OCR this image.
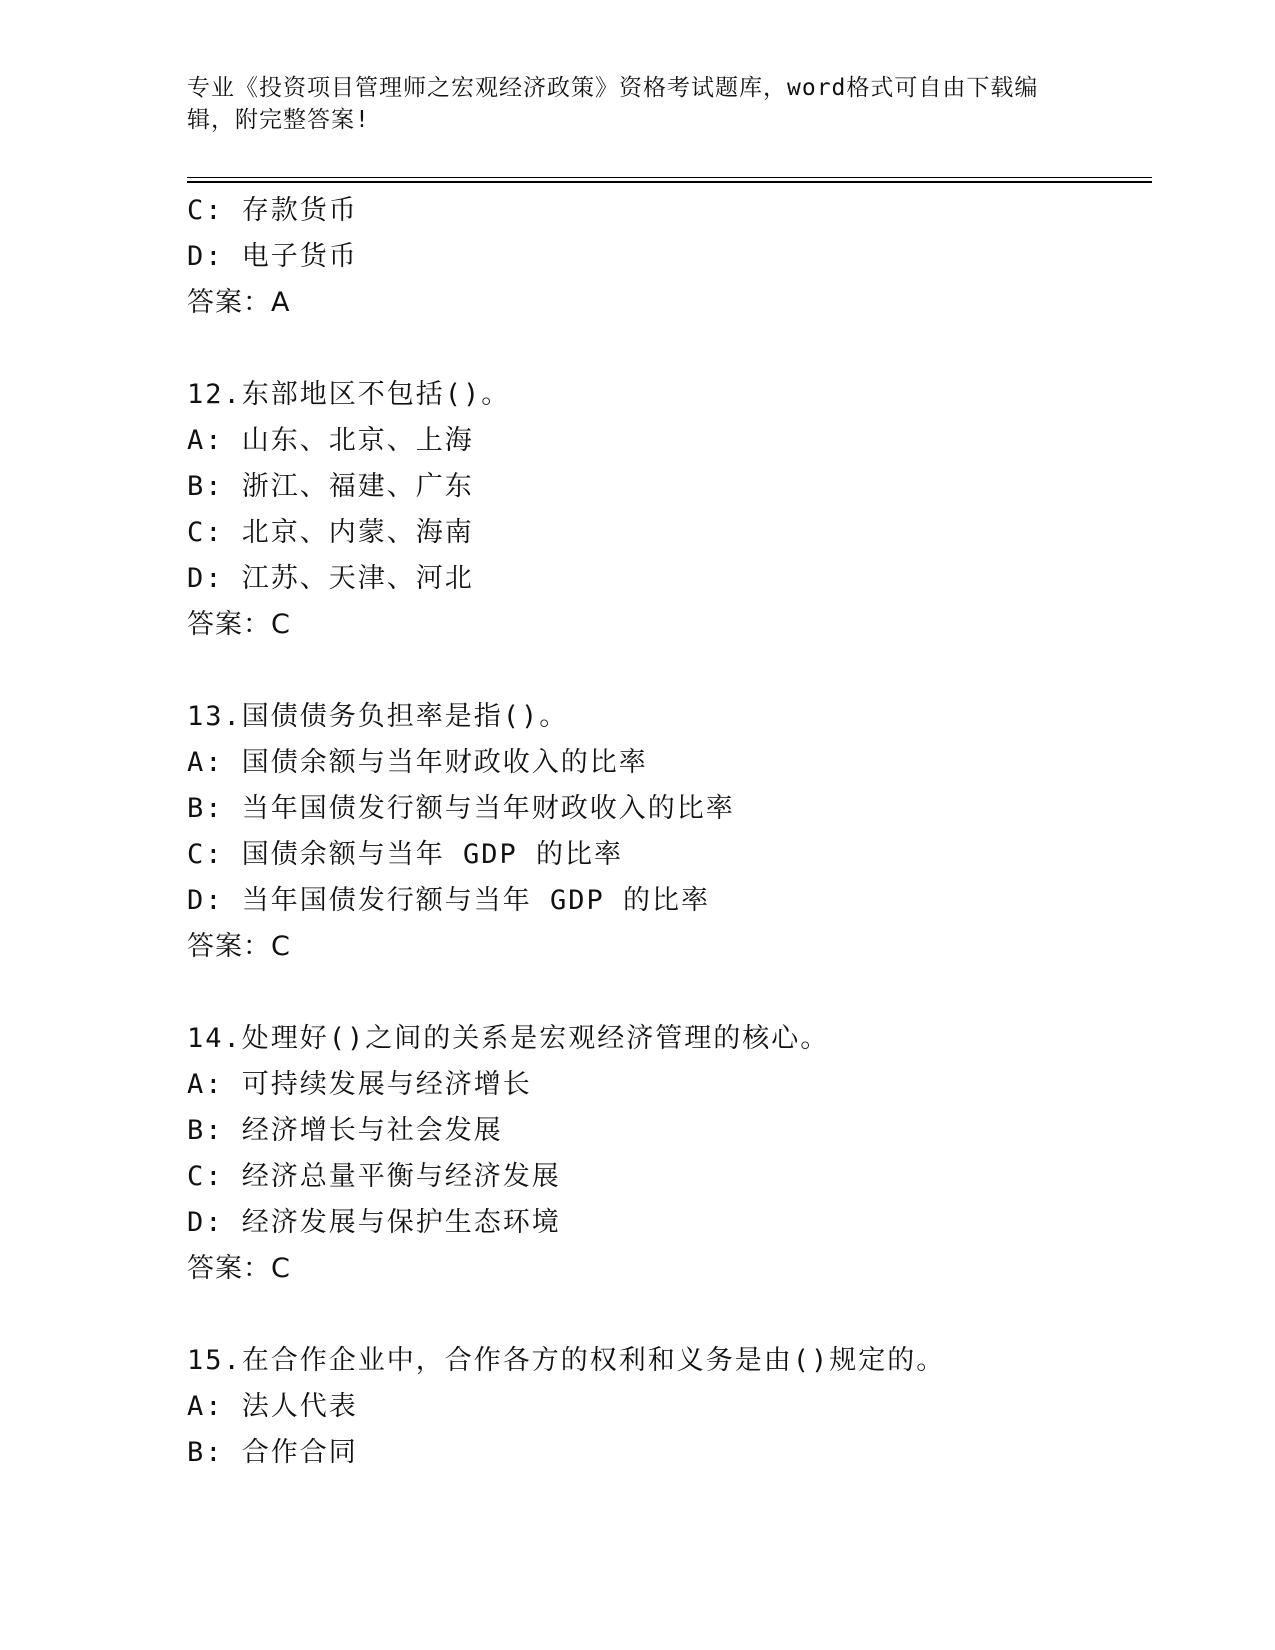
专业《投资项目管理师之宏观经济政策》资格考试题库，word格式可自由下载编辑，附完整答案!
C: 存款货币
D: 电子货币
答案：A
12.东部地区不包括()。
A: 山东、北京、上海
B: 浙江、福建、广东
C: 北京、内蒙、海南
D: 江苏、天津、河北
答案：C
13.国债债务负担率是指()。
A: 国债余额与当年财政收入的比率
B: 当年国债发行额与当年财政收入的比率
C: 国债余额与当年 GDP 的比率
D: 当年国债发行额与当年 GDP 的比率
答案：C
14.处理好()之间的关系是宏观经济管理的核心。
A: 可持续发展与经济增长
B: 经济增长与社会发展
C: 经济总量平衡与经济发展
D: 经济发展与保护生态环境
答案：C
15.在合作企业中，合作各方的权利和义务是由()规定的。
A: 法人代表
B: 合作合同
